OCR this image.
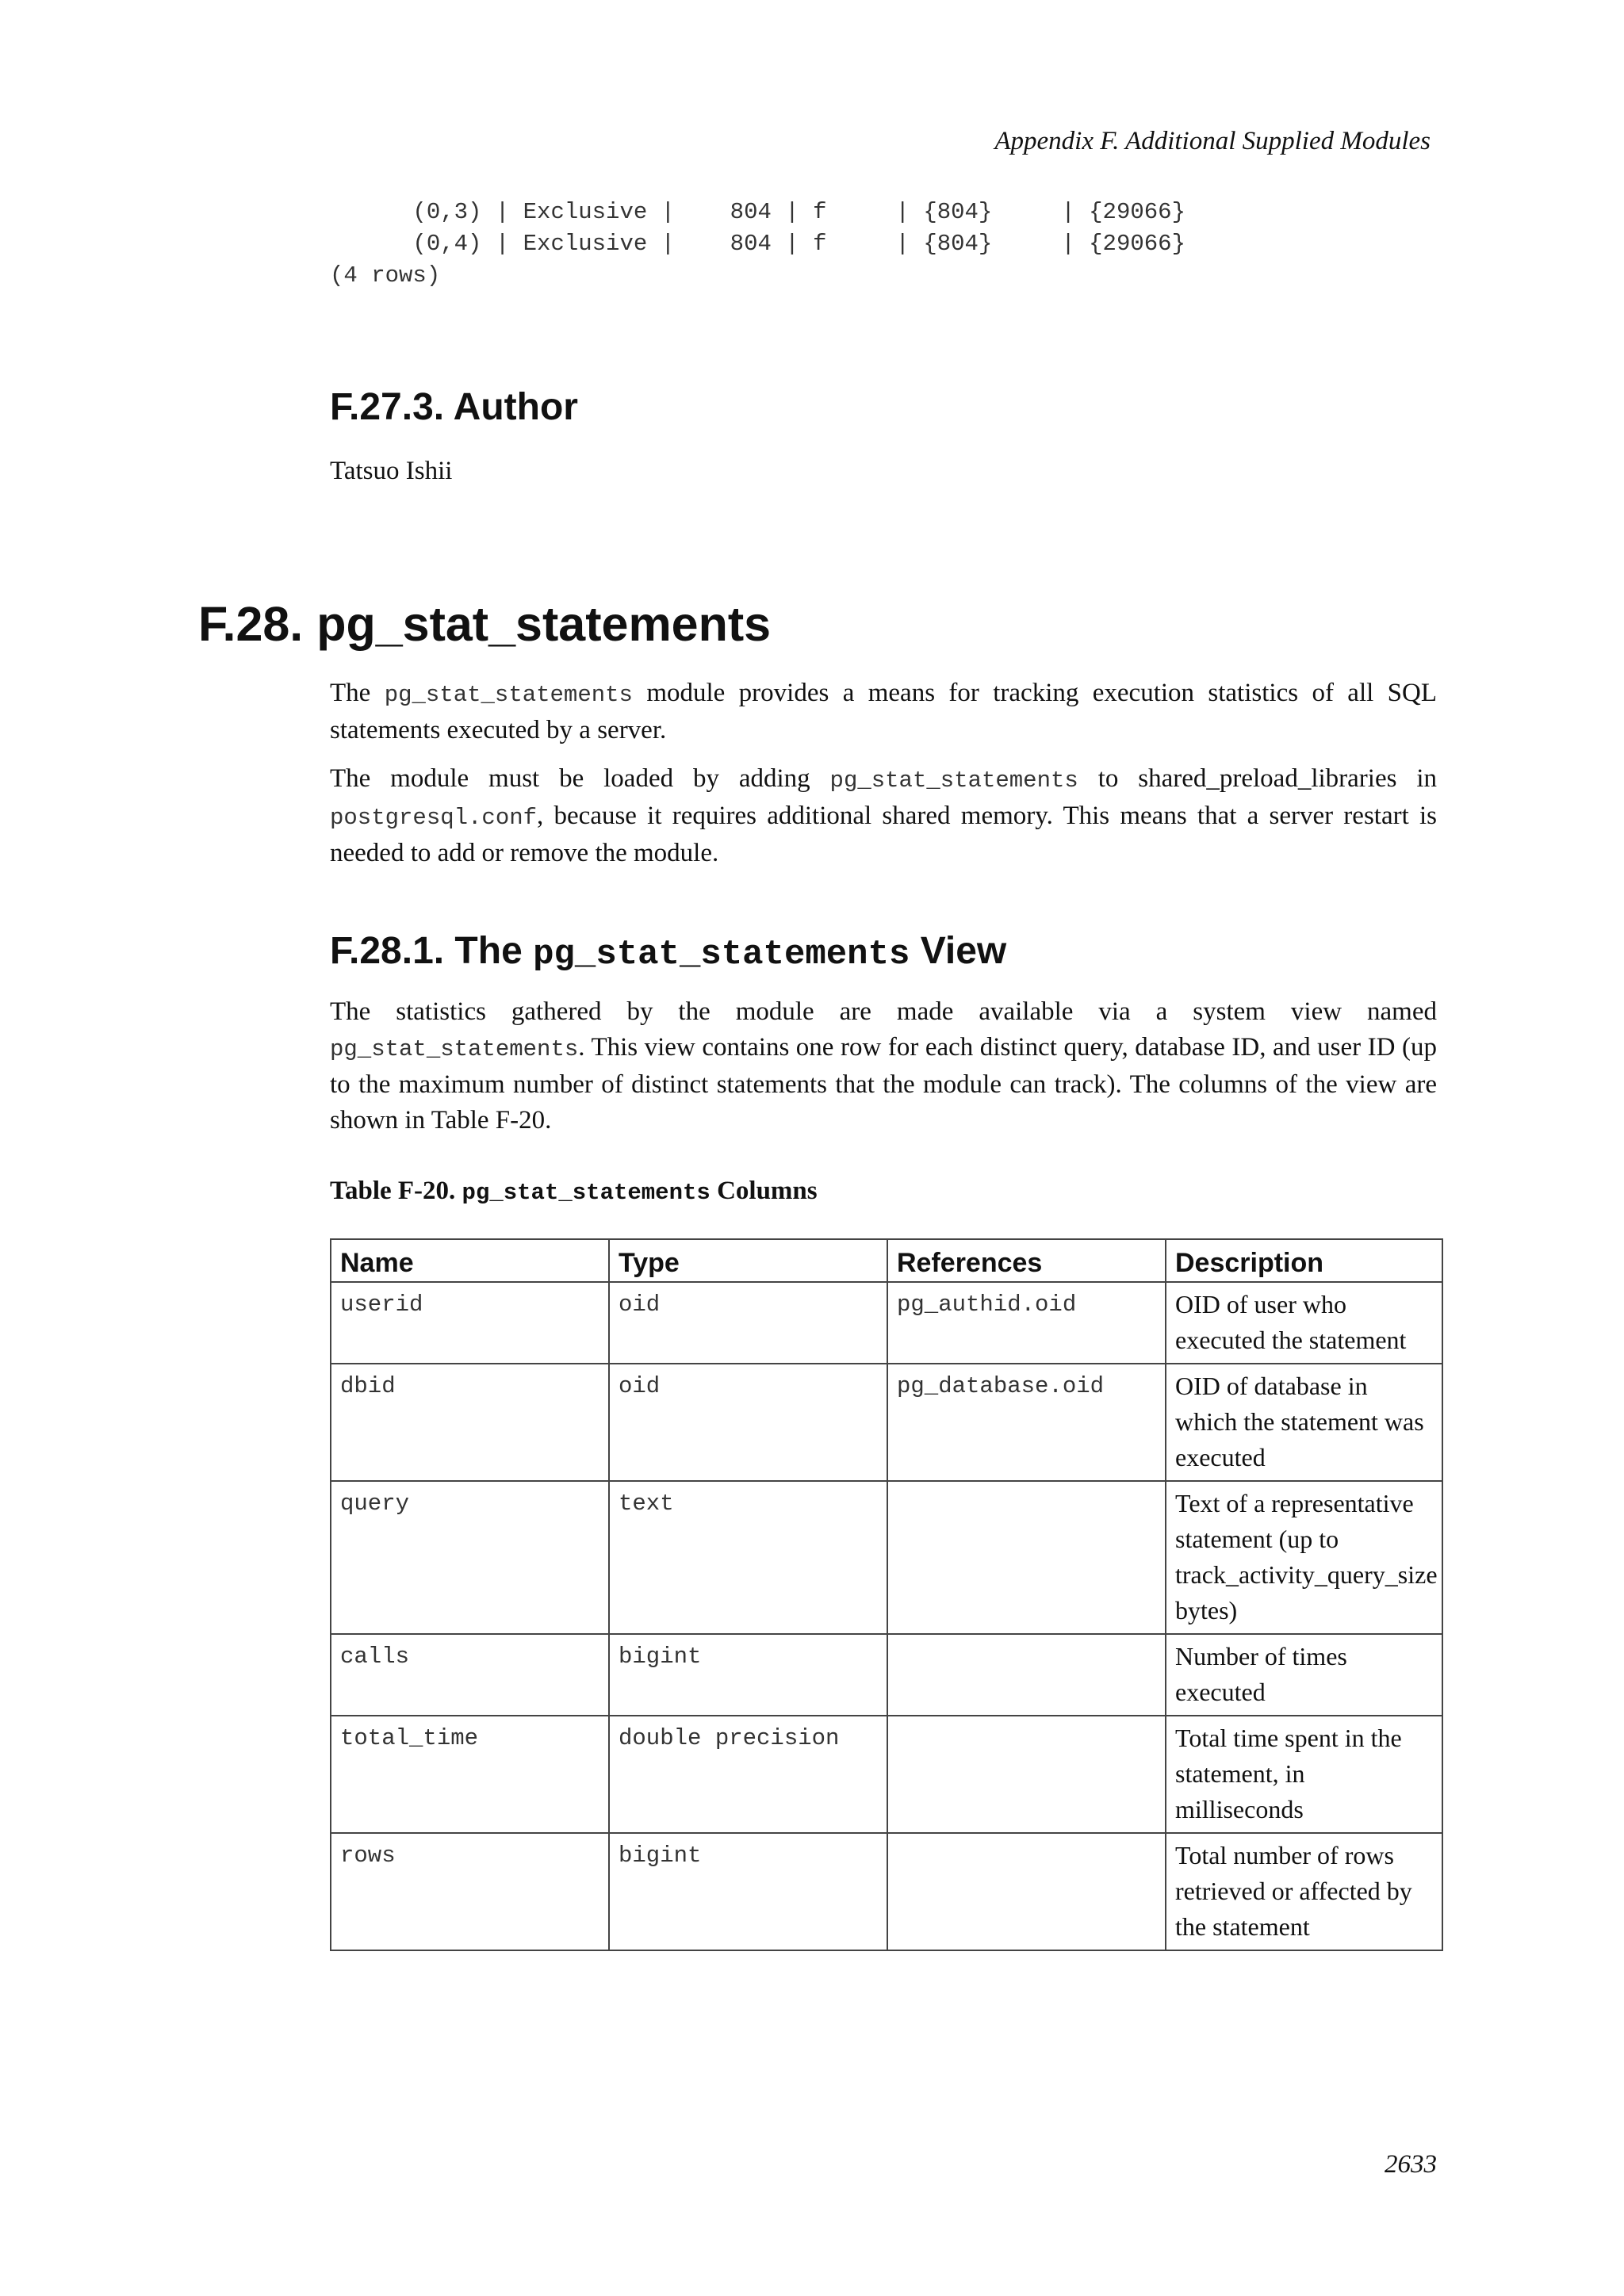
Appendix F. Additional Supplied Modules
(0,3) | Exclusive |    804 | f     | {804}     | {29066}
(0,4) | Exclusive |    804 | f     | {804}     | {29066}
(4 rows)
F.27.3. Author

Tatsuo Ishii

F.28. pg_stat_statements

The pg_stat_statements module provides a means for tracking execution statistics of all SQL statements executed by a server.

The module must be loaded by adding pg_stat_statements to shared_preload_libraries in postgresql.conf, because it requires additional shared memory. This means that a server restart is needed to add or remove the module.

F.28.1. The pg_stat_statements View

The statistics gathered by the module are made available via a system view named pg_stat_statements. This view contains one row for each distinct query, database ID, and user ID (up to the maximum number of distinct statements that the module can track). The columns of the view are shown in Table F-20.

Table F-20. pg_stat_statements Columns
Name	Type	References	Description
userid	oid	pg_authid.oid	OID of user who executed the statement
dbid	oid	pg_database.oid	OID of database in which the statement was executed
query	text		Text of a representative statement (up to track_activity_query_size bytes)
calls	bigint		Number of times executed
total_time	double precision		Total time spent in the statement, in milliseconds
rows	bigint		Total number of rows retrieved or affected by the statement
2633
